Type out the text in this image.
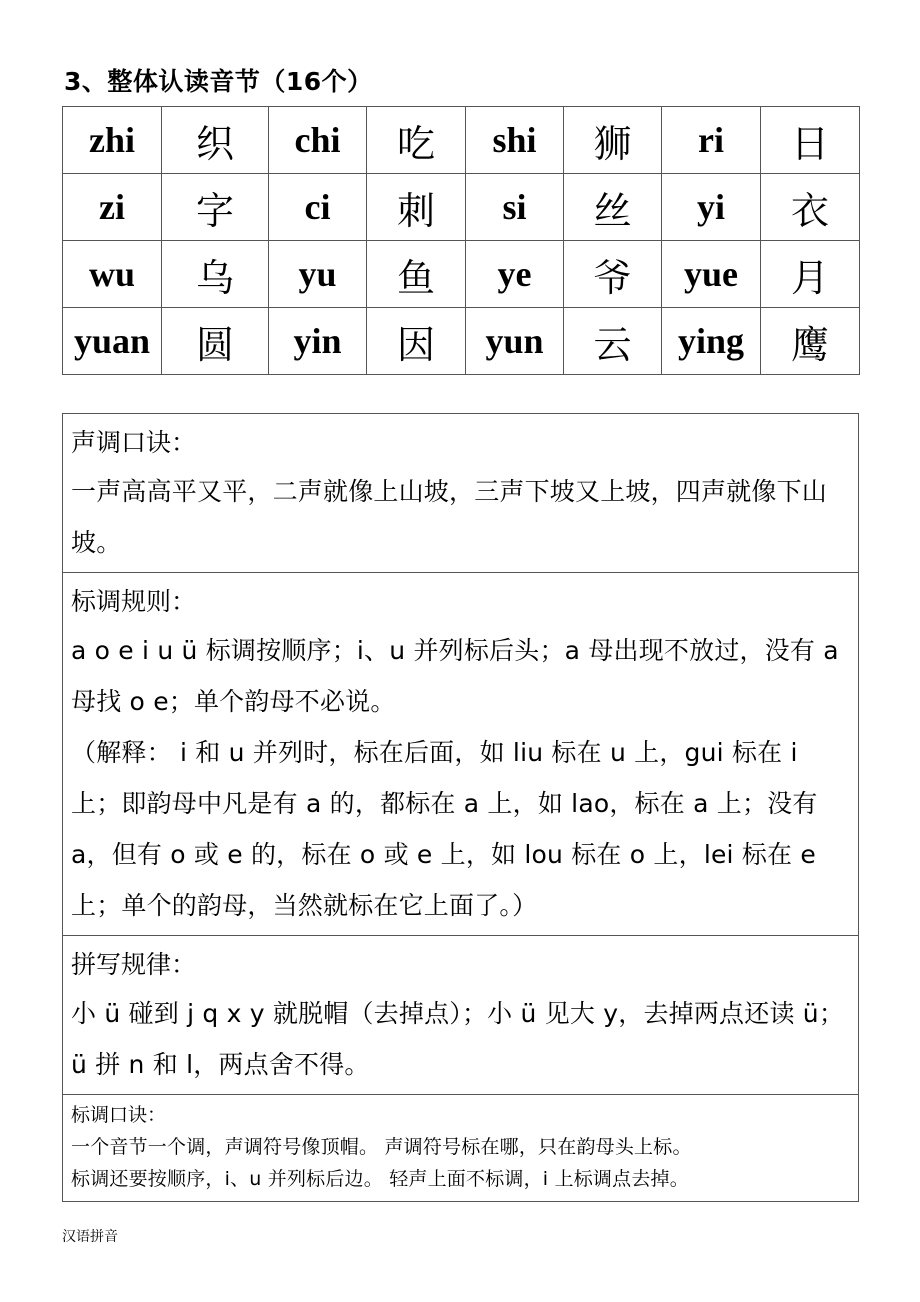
3、整体认读音节（16个）
zhi	织	chi	吃	shi	狮	ri	日
zi	字	ci	刺	si	丝	yi	衣
wu	乌	yu	鱼	ye	爷	yue	月
yuan	圆	yin	因	yun	云	ying	鹰
声调口诀：
一声高高平又平，二声就像上山坡，三声下坡又上坡，四声就像下山坡。
标调规则：
a o e i u ü 标调按顺序；i、u 并列标后头；a 母出现不放过，没有 a 母找 o e；单个韵母不必说。
（解释： i 和 u 并列时，标在后面，如 liu 标在 u 上，gui 标在 i 上；即韵母中凡是有 a 的，都标在 a 上，如 lao，标在 a 上；没有 a，但有 o 或 e 的，标在 o 或 e 上，如 lou 标在 o 上，lei 标在 e 上；单个的韵母，当然就标在它上面了。）
拼写规律：
小 ü 碰到 j q x y 就脱帽（去掉点）；小 ü 见大 y，去掉两点还读 ü；ü 拼 n 和 l，两点舍不得。
标调口诀：
一个音节一个调，声调符号像顶帽。 声调符号标在哪，只在韵母头上标。
标调还要按顺序，i、u 并列标后边。 轻声上面不标调，i 上标调点去掉。
汉语拼音
